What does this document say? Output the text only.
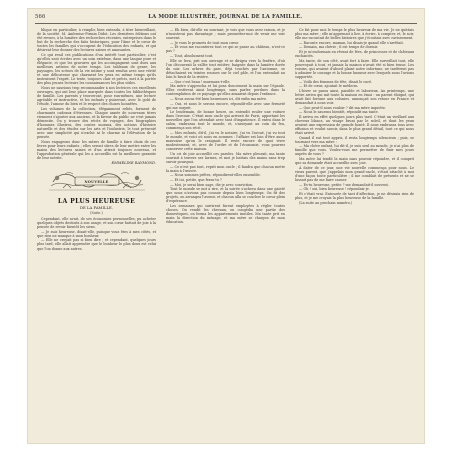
566	LA MODE ILLUSTRÉE, JOURNAL DE LA FAMILLE.

blique en particulier, à remplir, bien entendu, à titre bienveillant, de la société. M. Ambroise-Firmin Didot. Les dernières éditions ont été revues, à la lumière des recherches récentes, entreprises dans le but de la recherche des faits historiques, pour l'âme et le cœur de toutes les familles qui s'occupent de l'éducation des enfants, et qui désirent leur donner des lectures saines et amusantes.

Ce qui rend ces publications d'un intérêt tout particulier, c'est qu'elles sont écrites avec un soin extrême, dans une langue pure et élégante, et que les gravures qui les accompagnent sont dues aux meilleurs artistes de notre temps. Les tableaux de genre, les paysages, les scènes de la vie intime y sont rendus avec une vérité et une délicatesse qui charment les yeux en même temps qu'ils instruisent l'esprit. Le texte, toujours clair et précis, met à la portée des plus jeunes lecteurs les connaissances les plus utiles.

Nous ne saurions trop recommander à nos lectrices ces excellents ouvrages, qui ont leur place marquée dans toutes les bibliothèques de famille. Les parents y trouveront, pour eux-mêmes, une lecture agréable et instructive, et les enfants y puiseront, avec le goût de l'étude, l'amour du bien et le respect des choses honnêtes.

Les volumes de la collection, élégamment reliés, forment de charmants cadeaux d'étrennes. Chaque année de nouveaux titres viennent s'ajouter aux anciens, et la faveur du public ne s'est jamais démentie. On y trouve des récits de voyages, des biographies d'hommes illustres, des contes moraux, des notions d'histoire naturelle et des études sur les arts et l'industrie, le tout présenté avec une simplicité qui n'exclut ni le charme ni l'élévation de la pensée.

Nous engageons donc les mères de famille à faire choix de ces livres pour leurs enfants ; elles seront sûres de leur mettre entre les mains des lectures saines et d'un attrait toujours nouveau, et l'approbation générale qui les a accueillis est la meilleure garantie de leur mérite.

EMMELINE RAYMOND.
NOUVELLE
LA PLUS HEUREUSE
DE LA FAMILLE.
(Suite.)

Cependant, elle avait, de ses économies personnelles, pu acheter quelques objets destinés à son usage, et son cœur battait de joie à la pensée de revoir bientôt les siens.

— Je suis heureuse, disait-elle, puisque vous êtes à mes côtés, et que rien ne manque à mon bonheur.

— Elle ne croyait pas si bien dire ; et cependant, quelques jours plus tard, elle allait apprendre que le bonheur le plus doux est celui que l'on donne aux autres.

— Eh bien, dit-elle en souriant, je vois que vous avez raison, et je n'insisterai pas davantage ; mais promettez-moi de venir me voir souvent.

— Je vous le promets de tout mon cœur.

— Et vous me raconterez tout ce qui se passe au château, n'est-ce pas ?

— Tout, absolument tout.

Elle se leva, prit son ouvrage et se dirigea vers la fenêtre, d'où l'on découvrait la vallée tout entière, baignée dans la lumière dorée du soir. Les arbres du parc, déjà touchés par l'automne, se détachaient en teintes rousses sur le ciel pâle, et l'on entendait au loin le bruit de la rivière.

— Que c'est beau ! murmura-t-elle.

Ma mère s'approcha et lui posa doucement la main sur l'épaule. Elles restèrent ainsi longtemps, sans parler, perdues dans la contemplation de ce paysage qu'elles aimaient depuis l'enfance.

— Nous avons été bien heureuses ici, dit enfin ma mère.

— Oui, et nous le serons encore, répondit-elle avec une fermeté qui me surprit.

Le lendemain, de bonne heure, on entendit rouler une voiture dans l'avenue. C'était mon oncle qui arrivait de Paris, apportant les nouvelles que l'on attendait avec tant d'impatience. Il entra dans le salon, embrassa tout le monde, et, s'asseyant au coin du feu, commença son récit.

— Mes enfants, dit-il, j'ai vu le notaire, j'ai vu l'avoué, j'ai vu tout le monde, et voici où nous en sommes : l'affaire est loin d'être aussi mauvaise qu'on le craignait. Il reste encore de quoi vivre modestement, et, avec de l'ordre et de l'économie, vous pourrez conserver cette maison.

Un cri de joie accueillit ces paroles. Ma mère pleurait, ma tante souriait à travers ses larmes, et moi je battais des mains sans trop savoir pourquoi.

— Ce n'est pas tout, reprit mon oncle ; il faudra que chacun mette la main à l'œuvre.

— Nous sommes prêtes, répondirent-elles ensemble.

— Et toi, petite, que feras-tu ?

— Moi, je serai bien sage, dis-je avec conviction.

Tout le monde se mit à rire, et la soirée s'acheva dans une gaieté que nous n'avions pas connue depuis bien longtemps. On fit des projets, on arrangea l'avenir, et chacun alla se coucher le cœur plein d'espérance.

Les semaines qui suivirent furent employées à régler toutes choses. On vendit les chevaux, on congédia une partie des domestiques, on ferma les appartements inutiles. Ma tante prit en main la direction du ménage, et ma mère se chargea de mon éducation.

Ce fut pour moi le temps le plus heureux de ma vie. Je ne quittais plus ma mère ; elle m'apprenait à lire, à écrire, à compter, et, le soir, elle me racontait de belles histoires que j'écoutais avec ravissement.

— Raconte encore, maman, lui disais-je quand elle s'arrêtait.

— Demain, ma chérie ; il est temps de dormir.

Et je m'endormais en rêvant de fées, de princesses et de châteaux enchantés.

Ma tante, de son côté, avait fort à faire. Elle surveillait tout, elle pourvoyait à tout, et jamais la maison n'avait été si bien tenue. Les voisins, qui avaient d'abord plaint notre infortune, ne tardèrent pas à admirer le courage et la bonne humeur avec lesquels nous l'avions supportée.

— Voilà des femmes de tête, disait le curé.

— Et de cœur, ajoutait le médecin.

L'hiver se passa ainsi, paisible et laborieux. Au printemps, une lettre arriva qui mit toute la maison en émoi : un parent éloigné, qui avait fait fortune aux colonies, annonçait son retour en France et demandait à nous voir.

— Que peut-il nous vouloir ? dit ma mère inquiète.

— Nous le saurons bientôt, répondit ma tante.

Il arriva en effet quelques jours plus tard. C'était un vieillard aux cheveux blancs, au visage bruni par le soleil, et dont les yeux avaient une expression de grande bonté. Il nous embrassa tous avec effusion et voulut savoir, dans le plus grand détail, tout ce qui nous était arrivé.

Quand il eut tout appris, il resta longtemps silencieux ; puis, se tournant vers ma mère :

— Ma chère enfant, lui dit-il, je suis seul au monde, je n'ai plus de famille que vous. Voulez-vous me permettre de finir mes jours auprès de vous ?

Ma mère lui tendit la main sans pouvoir répondre, et il comprit que sa demande était accueillie avec joie.

À dater de ce jour, une vie nouvelle commença pour nous. Le vieux parent, que j'appelais mon grand-oncle, s'était attaché à moi d'une façon toute particulière ; il me comblait de présents et ne se lassait pas de me faire causer.

— Es-tu heureuse, petite ? me demandait-il souvent.

— Oh ! oui, bien heureuse ! répondais-je.

Et c'était vrai. Entourée de tant d'affection, je ne désirais rien de plus, et je me croyais la plus heureuse de la famille.

(La suite au prochain numéro.)
